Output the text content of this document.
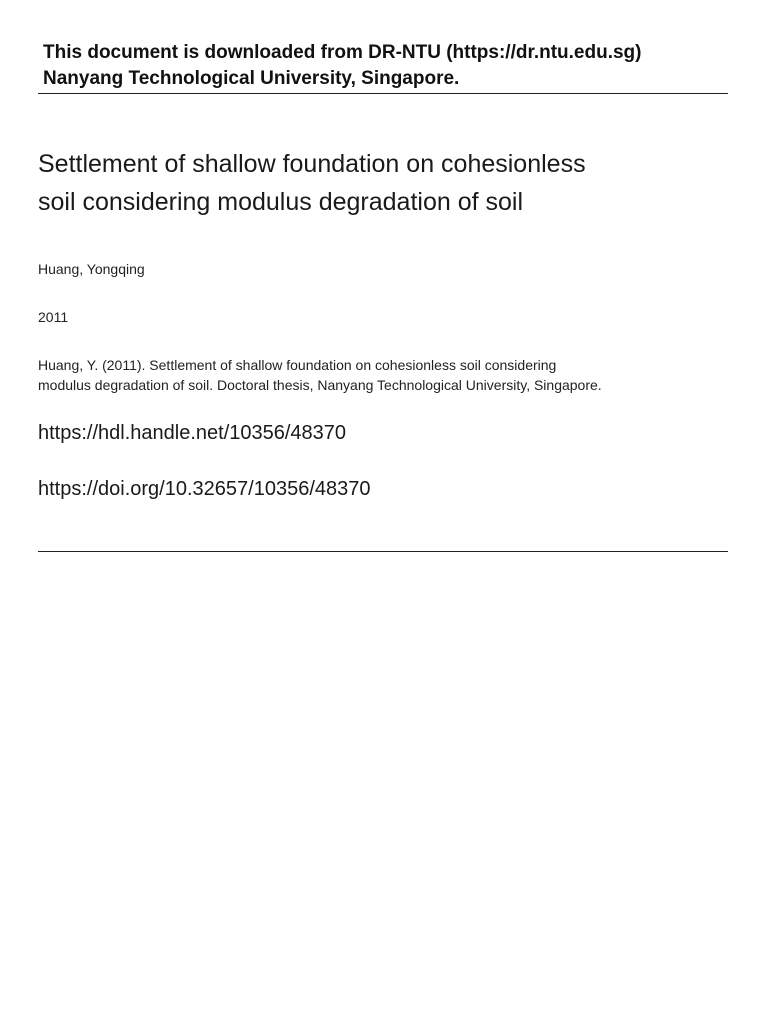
This document is downloaded from DR‑NTU (https://dr.ntu.edu.sg)
Nanyang Technological University, Singapore.
Settlement of shallow foundation on cohesionless
soil considering modulus degradation of soil
Huang, Yongqing
2011
Huang, Y. (2011). Settlement of shallow foundation on cohesionless soil considering
modulus degradation of soil. Doctoral thesis, Nanyang Technological University, Singapore.
https://hdl.handle.net/10356/48370
https://doi.org/10.32657/10356/48370
